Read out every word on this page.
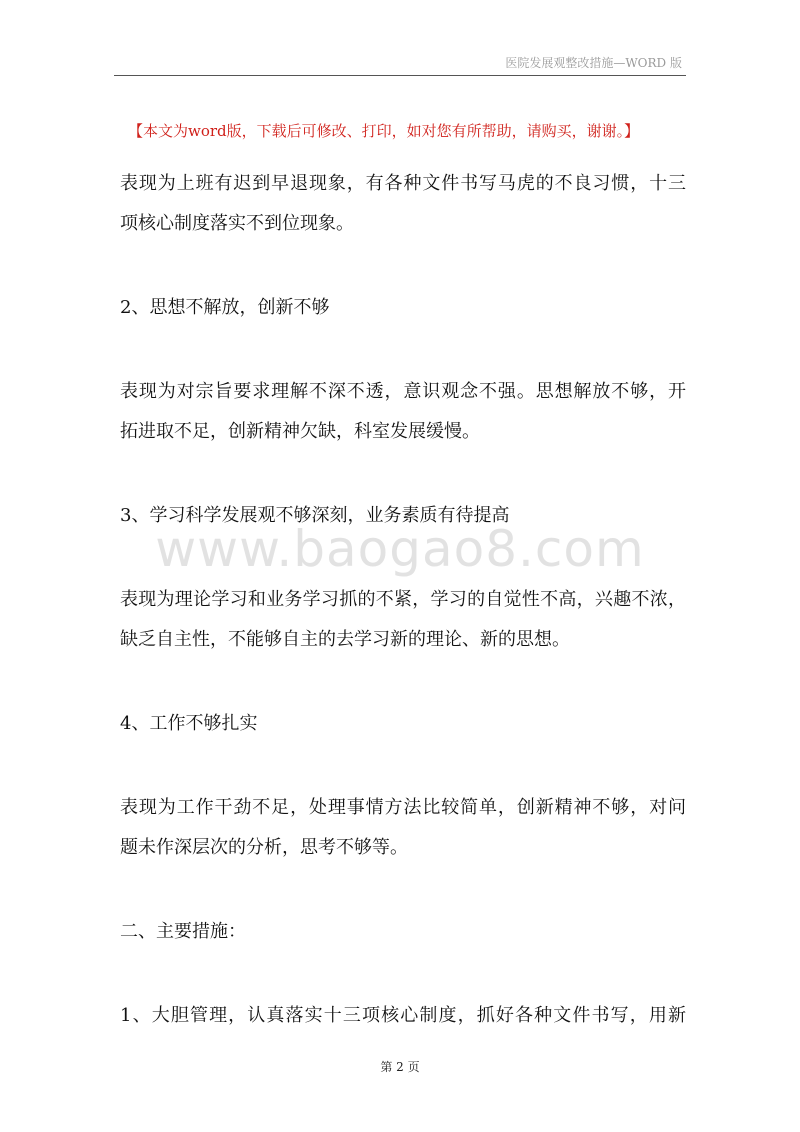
医院发展观整改措施—WORD 版
【本文为word版，下载后可修改、打印，如对您有所帮助，请购买，谢谢。】
www.baogao8.com
表现为上班有迟到早退现象，有各种文件书写马虎的不良习惯，十三
项核心制度落实不到位现象。
2、思想不解放，创新不够
表现为对宗旨要求理解不深不透，意识观念不强。思想解放不够，开
拓进取不足，创新精神欠缺，科室发展缓慢。
3、学习科学发展观不够深刻，业务素质有待提高
表现为理论学习和业务学习抓的不紧，学习的自觉性不高，兴趣不浓，
缺乏自主性，不能够自主的去学习新的理论、新的思想。
4、工作不够扎实
表现为工作干劲不足，处理事情方法比较简单，创新精神不够，对问
题未作深层次的分析，思考不够等。
二、主要措施：
1、大胆管理，认真落实十三项核心制度，抓好各种文件书写，用新
第 2 页
